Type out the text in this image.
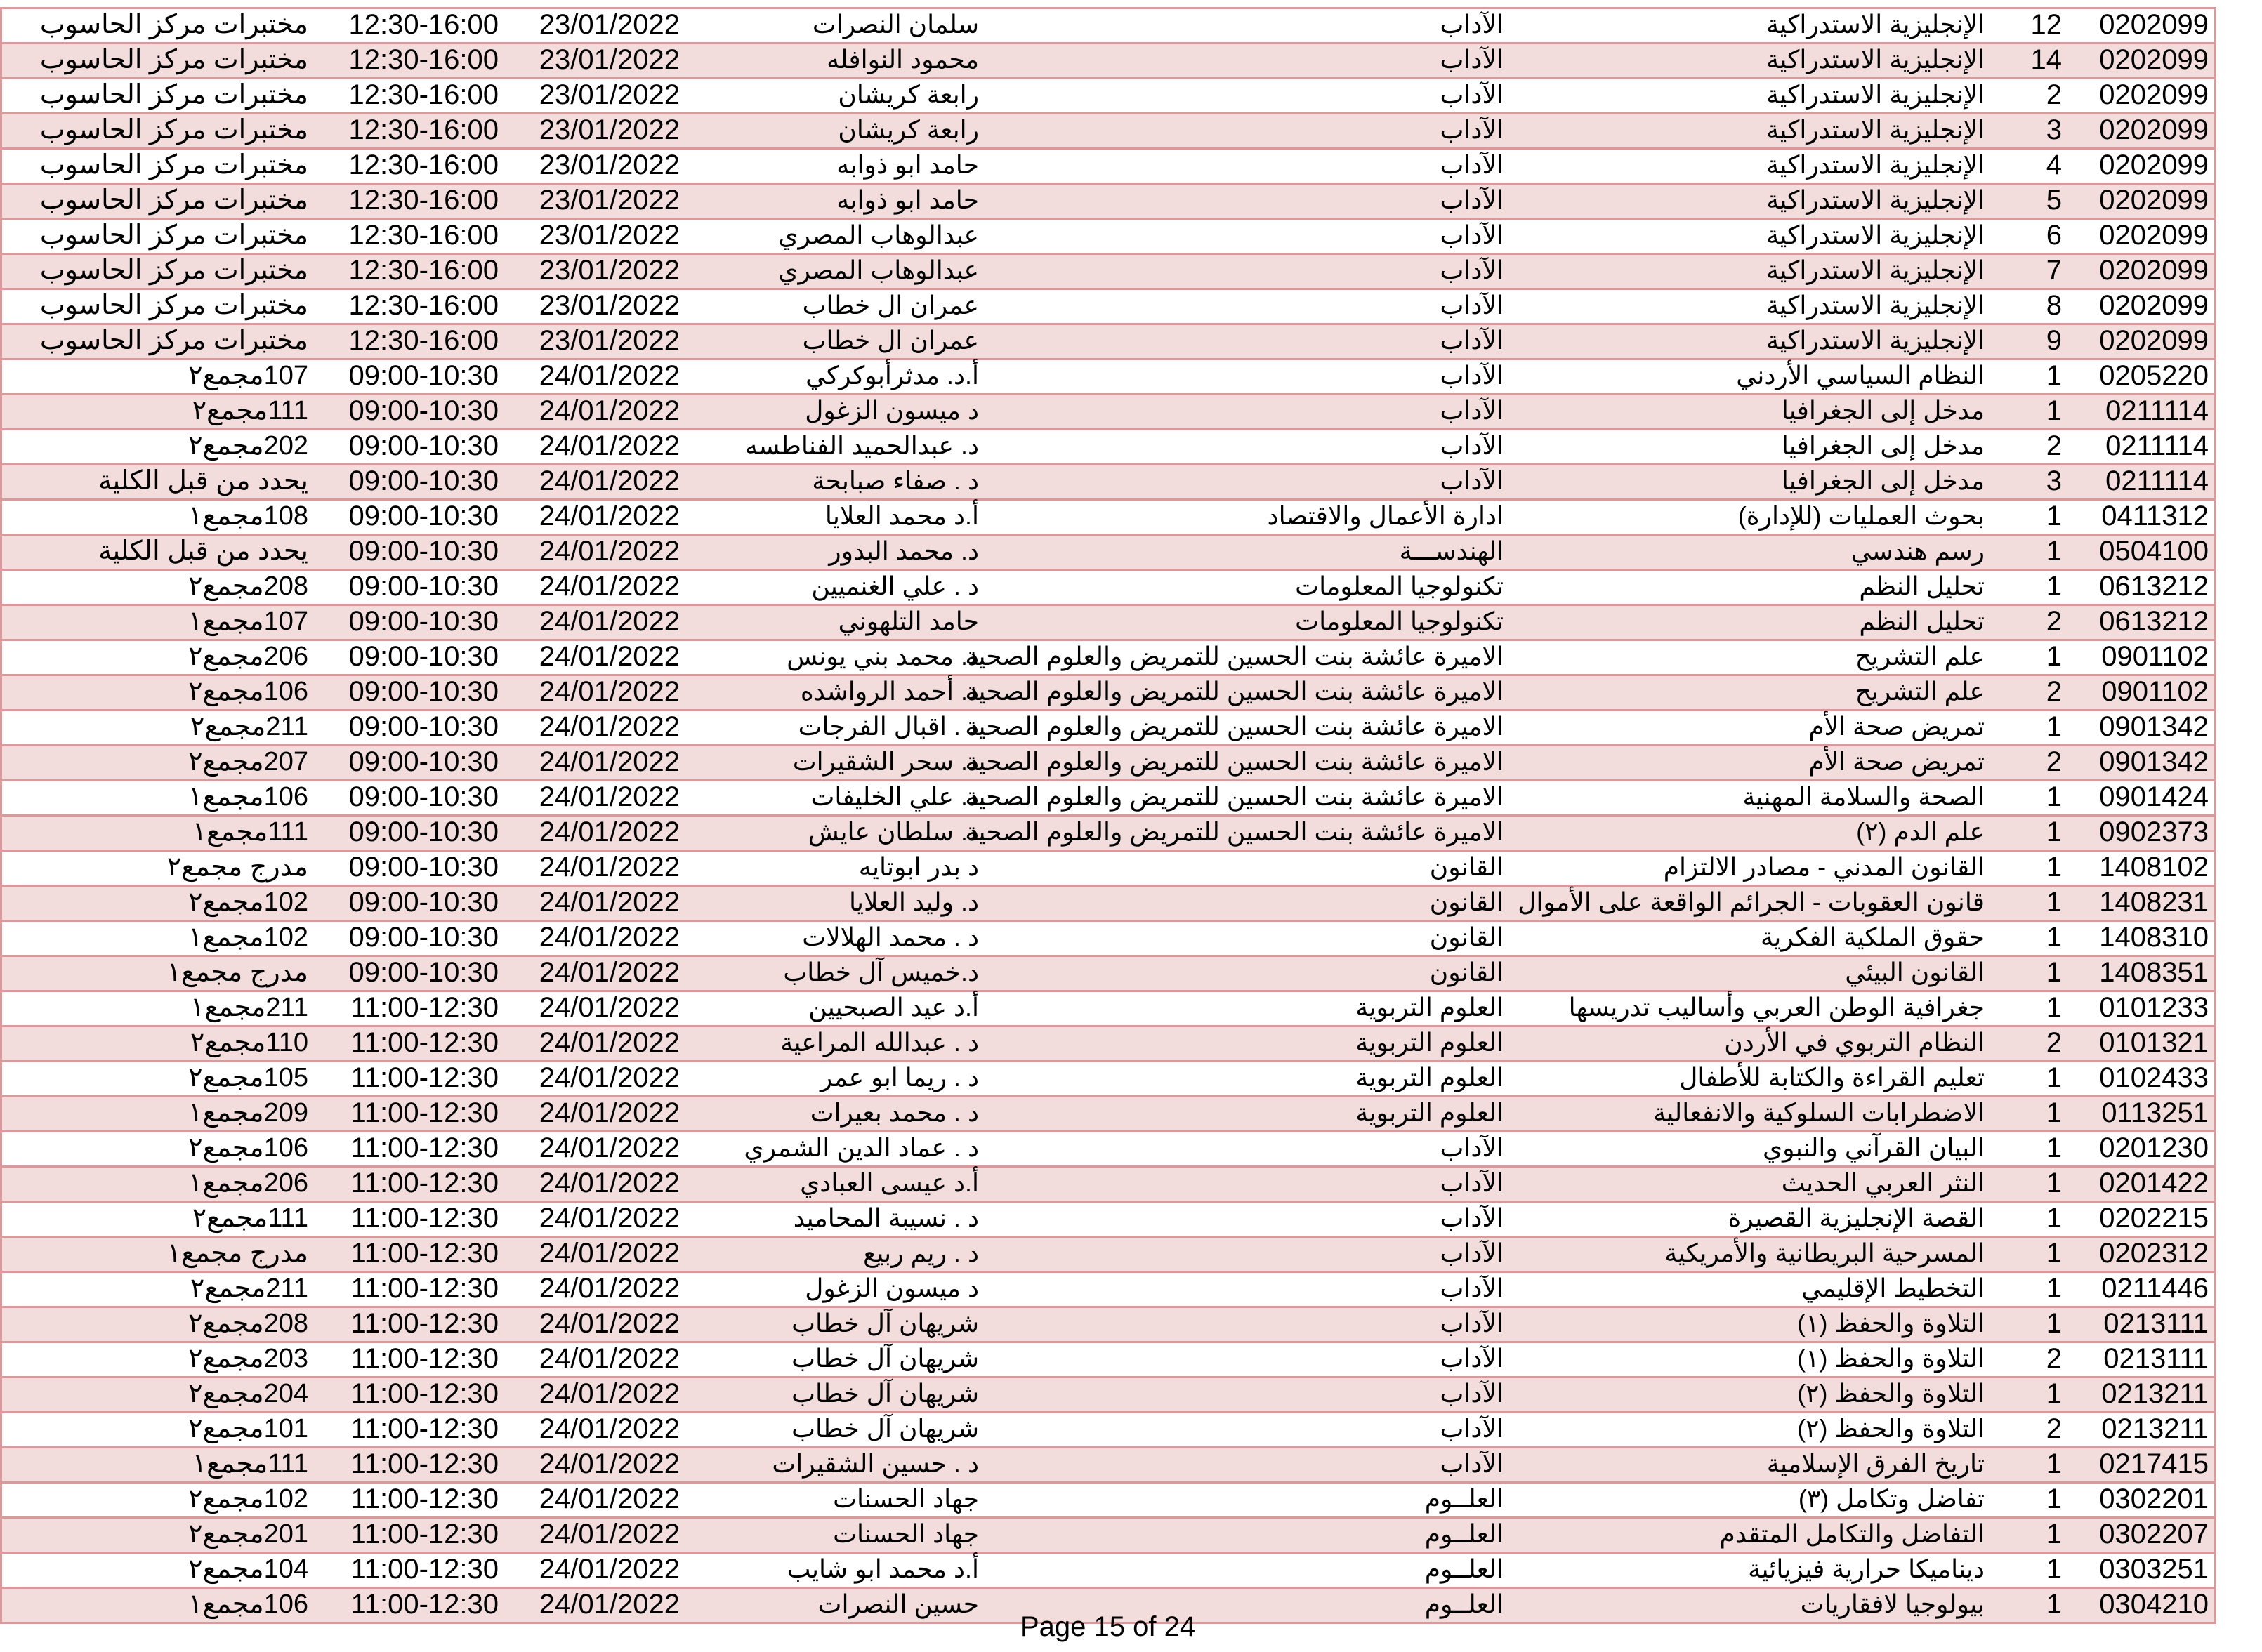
0202099
12
الإنجليزية الاستدراكية
الآداب
سلمان النصرات
23/01/2022
12:30-16:00
مختبرات مركز الحاسوب
0202099
14
الإنجليزية الاستدراكية
الآداب
محمود النوافله
23/01/2022
12:30-16:00
مختبرات مركز الحاسوب
0202099
2
الإنجليزية الاستدراكية
الآداب
رابعة كريشان
23/01/2022
12:30-16:00
مختبرات مركز الحاسوب
0202099
3
الإنجليزية الاستدراكية
الآداب
رابعة كريشان
23/01/2022
12:30-16:00
مختبرات مركز الحاسوب
0202099
4
الإنجليزية الاستدراكية
الآداب
حامد ابو ذوابه
23/01/2022
12:30-16:00
مختبرات مركز الحاسوب
0202099
5
الإنجليزية الاستدراكية
الآداب
حامد ابو ذوابه
23/01/2022
12:30-16:00
مختبرات مركز الحاسوب
0202099
6
الإنجليزية الاستدراكية
الآداب
عبدالوهاب المصري
23/01/2022
12:30-16:00
مختبرات مركز الحاسوب
0202099
7
الإنجليزية الاستدراكية
الآداب
عبدالوهاب المصري
23/01/2022
12:30-16:00
مختبرات مركز الحاسوب
0202099
8
الإنجليزية الاستدراكية
الآداب
عمران ال خطاب
23/01/2022
12:30-16:00
مختبرات مركز الحاسوب
0202099
9
الإنجليزية الاستدراكية
الآداب
عمران ال خطاب
23/01/2022
12:30-16:00
مختبرات مركز الحاسوب
0205220
1
النظام السياسي الأردني
الآداب
أ.د. مدثرأبوكركي
24/01/2022
09:00-10:30
107مجمع٢
0211114
1
مدخل إلى الجغرافيا
الآداب
د ميسون الزغول
24/01/2022
09:00-10:30
111مجمع٢
0211114
2
مدخل إلى الجغرافيا
الآداب
د. عبدالحميد الفناطسه
24/01/2022
09:00-10:30
202مجمع٢
0211114
3
مدخل إلى الجغرافيا
الآداب
د . صفاء صبابحة
24/01/2022
09:00-10:30
يحدد من قبل الكلية
0411312
1
بحوث العمليات (للإدارة)
ادارة الأعمال والاقتصاد
أ.د محمد العلايا
24/01/2022
09:00-10:30
108مجمع١
0504100
1
رسم هندسي
الهندســـة
د. محمد البدور
24/01/2022
09:00-10:30
يحدد من قبل الكلية
0613212
1
تحليل النظم
تكنولوجيا المعلومات
د . علي الغنميين
24/01/2022
09:00-10:30
208مجمع٢
0613212
2
تحليل النظم
تكنولوجيا المعلومات
حامد التلهوني
24/01/2022
09:00-10:30
107مجمع١
0901102
1
علم التشريح
الاميرة عائشة بنت الحسين للتمريض والعلوم الصحية
د. محمد بني يونس
24/01/2022
09:00-10:30
206مجمع٢
0901102
2
علم التشريح
الاميرة عائشة بنت الحسين للتمريض والعلوم الصحية
د. أحمد الرواشده
24/01/2022
09:00-10:30
106مجمع٢
0901342
1
تمريض صحة الأم
الاميرة عائشة بنت الحسين للتمريض والعلوم الصحية
د . اقبال الفرجات
24/01/2022
09:00-10:30
211مجمع٢
0901342
2
تمريض صحة الأم
الاميرة عائشة بنت الحسين للتمريض والعلوم الصحية
د. سحر الشقيرات
24/01/2022
09:00-10:30
207مجمع٢
0901424
1
الصحة والسلامة المهنية
الاميرة عائشة بنت الحسين للتمريض والعلوم الصحية
د. علي الخليفات
24/01/2022
09:00-10:30
106مجمع١
0902373
1
علم الدم (٢)
الاميرة عائشة بنت الحسين للتمريض والعلوم الصحية
د. سلطان عايش
24/01/2022
09:00-10:30
111مجمع١
1408102
1
القانون المدني - مصادر الالتزام
القانون
د بدر ابوتايه
24/01/2022
09:00-10:30
مدرج مجمع٢
1408231
1
قانون العقوبات - الجرائم الواقعة على الأموال
القانون
د. وليد العلايا
24/01/2022
09:00-10:30
102مجمع٢
1408310
1
حقوق الملكية الفكرية
القانون
د . محمد الهلالات
24/01/2022
09:00-10:30
102مجمع١
1408351
1
القانون البيئي
القانون
د.خميس آل خطاب
24/01/2022
09:00-10:30
مدرج مجمع١
0101233
1
جغرافية الوطن العربي وأساليب تدريسها
العلوم التربوية
أ.د عيد الصبحيين
24/01/2022
11:00-12:30
211مجمع١
0101321
2
النظام التربوي في الأردن
العلوم التربوية
د . عبدالله المراعية
24/01/2022
11:00-12:30
110مجمع٢
0102433
1
تعليم القراءة والكتابة للأطفال
العلوم التربوية
د . ريما ابو عمر
24/01/2022
11:00-12:30
105مجمع٢
0113251
1
الاضطرابات السلوكية والانفعالية
العلوم التربوية
د . محمد بعيرات
24/01/2022
11:00-12:30
209مجمع١
0201230
1
البيان القرآني والنبوي
الآداب
د . عماد الدين الشمري
24/01/2022
11:00-12:30
106مجمع٢
0201422
1
النثر العربي الحديث
الآداب
أ.د عيسى العبادي
24/01/2022
11:00-12:30
206مجمع١
0202215
1
القصة الإنجليزية القصيرة
الآداب
د . نسيبة المحاميد
24/01/2022
11:00-12:30
111مجمع٢
0202312
1
المسرحية البريطانية والأمريكية
الآداب
د . ريم ربيع
24/01/2022
11:00-12:30
مدرج مجمع١
0211446
1
التخطيط الإقليمي
الآداب
د ميسون الزغول
24/01/2022
11:00-12:30
211مجمع٢
0213111
1
التلاوة والحفظ (١)
الآداب
شريهان آل خطاب
24/01/2022
11:00-12:30
208مجمع٢
0213111
2
التلاوة والحفظ (١)
الآداب
شريهان آل خطاب
24/01/2022
11:00-12:30
203مجمع٢
0213211
1
التلاوة والحفظ (٢)
الآداب
شريهان آل خطاب
24/01/2022
11:00-12:30
204مجمع٢
0213211
2
التلاوة والحفظ (٢)
الآداب
شريهان آل خطاب
24/01/2022
11:00-12:30
101مجمع٢
0217415
1
تاريخ الفرق الإسلامية
الآداب
د . حسين الشقيرات
24/01/2022
11:00-12:30
111مجمع١
0302201
1
تفاضل وتكامل (٣)
العلــوم
جهاد الحسنات
24/01/2022
11:00-12:30
102مجمع٢
0302207
1
التفاضل والتكامل المتقدم
العلــوم
جهاد الحسنات
24/01/2022
11:00-12:30
201مجمع٢
0303251
1
ديناميكا حرارية فيزيائية
العلــوم
أ.د محمد ابو شايب
24/01/2022
11:00-12:30
104مجمع٢
0304210
1
بيولوجيا لافقاريات
العلــوم
حسين النصرات
24/01/2022
11:00-12:30
106مجمع١
Page 15 of 24
